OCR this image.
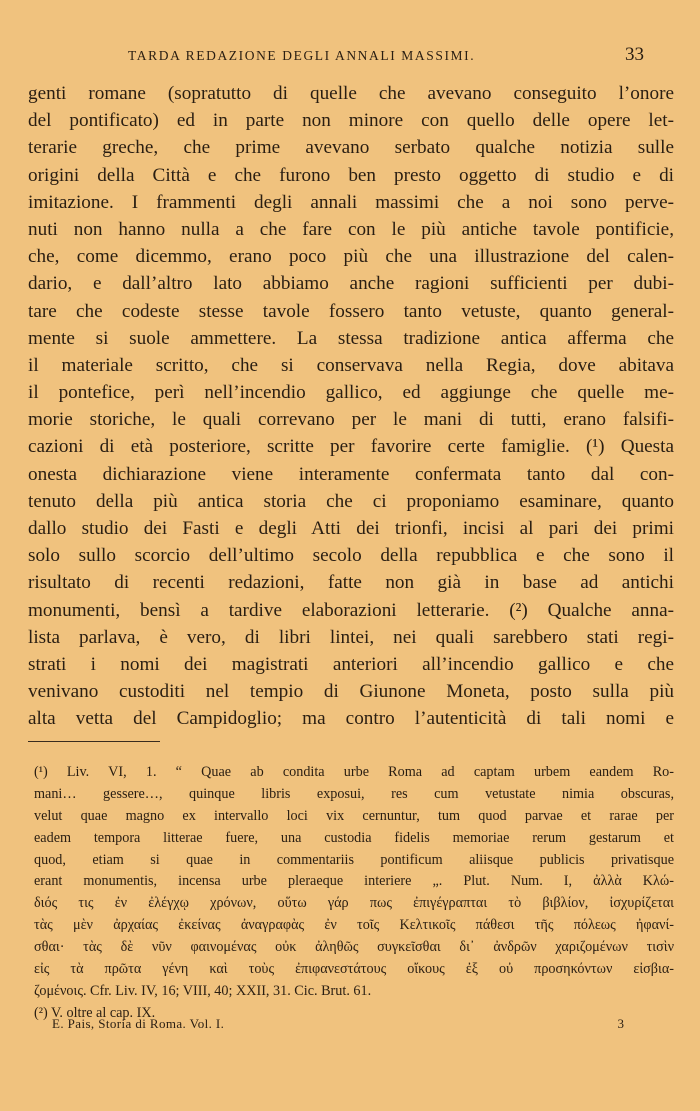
TARDA REDAZIONE DEGLI ANNALI MASSIMI.	33
genti romane (sopratutto di quelle che avevano conseguito l’onore
del pontificato) ed in parte non minore con quello delle opere let-
terarie greche, che prime avevano serbato qualche notizia sulle
origini della Città e che furono ben presto oggetto di studio e di
imitazione. I frammenti degli annali massimi che a noi sono perve-
nuti non hanno nulla a che fare con le più antiche tavole pontificie,
che, come dicemmo, erano poco più che una illustrazione del calen-
dario, e dall’altro lato abbiamo anche ragioni sufficienti per dubi-
tare che codeste stesse tavole fossero tanto vetuste, quanto general-
mente si suole ammettere. La stessa tradizione antica afferma che
il materiale scritto, che si conservava nella Regia, dove abitava
il pontefice, perì nell’incendio gallico, ed aggiunge che quelle me-
morie storiche, le quali correvano per le mani di tutti, erano falsifi-
cazioni di età posteriore, scritte per favorire certe famiglie. (¹) Questa
onesta dichiarazione viene interamente confermata tanto dal con-
tenuto della più antica storia che ci proponiamo esaminare, quanto
dallo studio dei Fasti e degli Atti dei trionfi, incisi al pari dei primi
solo sullo scorcio dell’ultimo secolo della repubblica e che sono il
risultato di recenti redazioni, fatte non già in base ad antichi
monumenti, bensì a tardive elaborazioni letterarie. (²) Qualche anna-
lista parlava, è vero, di libri lintei, nei quali sarebbero stati regi-
strati i nomi dei magistrati anteriori all’incendio gallico e che
venivano custoditi nel tempio di Giunone Moneta, posto sulla più
alta vetta del Campidoglio; ma contro l’autenticità di tali nomi e
(¹) Liv. VI, 1. “ Quae ab condita urbe Roma ad captam urbem eandem Ro-
mani… gessere…, quinque libris exposui, res cum vetustate nimia obscuras,
velut quae magno ex intervallo loci vix cernuntur, tum quod parvae et rarae per
eadem tempora litterae fuere, una custodia fidelis memoriae rerum gestarum et
quod, etiam si quae in commentariis pontificum aliisque publicis privatisque
erant monumentis, incensa urbe pleraeque interiere „. Plut. Num. I, ἀλλὰ Κλώ-
διός τις ἐν ἐλέγχῳ χρόνων, οὕτω γάρ πως ἐπιγέγραπται τὸ βιβλίον, ἰσχυρίζεται
τὰς μὲν ἀρχαίας ἐκείνας ἀναγραφὰς ἐν τοῖς Κελτικοῖς πάθεσι τῆς πόλεως ἠφανί-
σθαι· τὰς δὲ νῦν φαινομένας οὐκ ἀληθῶς συγκεῖσθαι δι᾽ ἀνδρῶν χαριζομένων τισὶν
εἰς τὰ πρῶτα γένη καὶ τοὺς ἐπιφανεστάτους οἴκους ἐξ οὐ προσηκόντων εἰσβια-
ζομένοις. Cfr. Liv. IV, 16; VIII, 40; XXII, 31. Cic. Brut. 61.
(²) V. oltre al cap. IX.
E. Pais, Storia di Roma. Vol. I.	3
